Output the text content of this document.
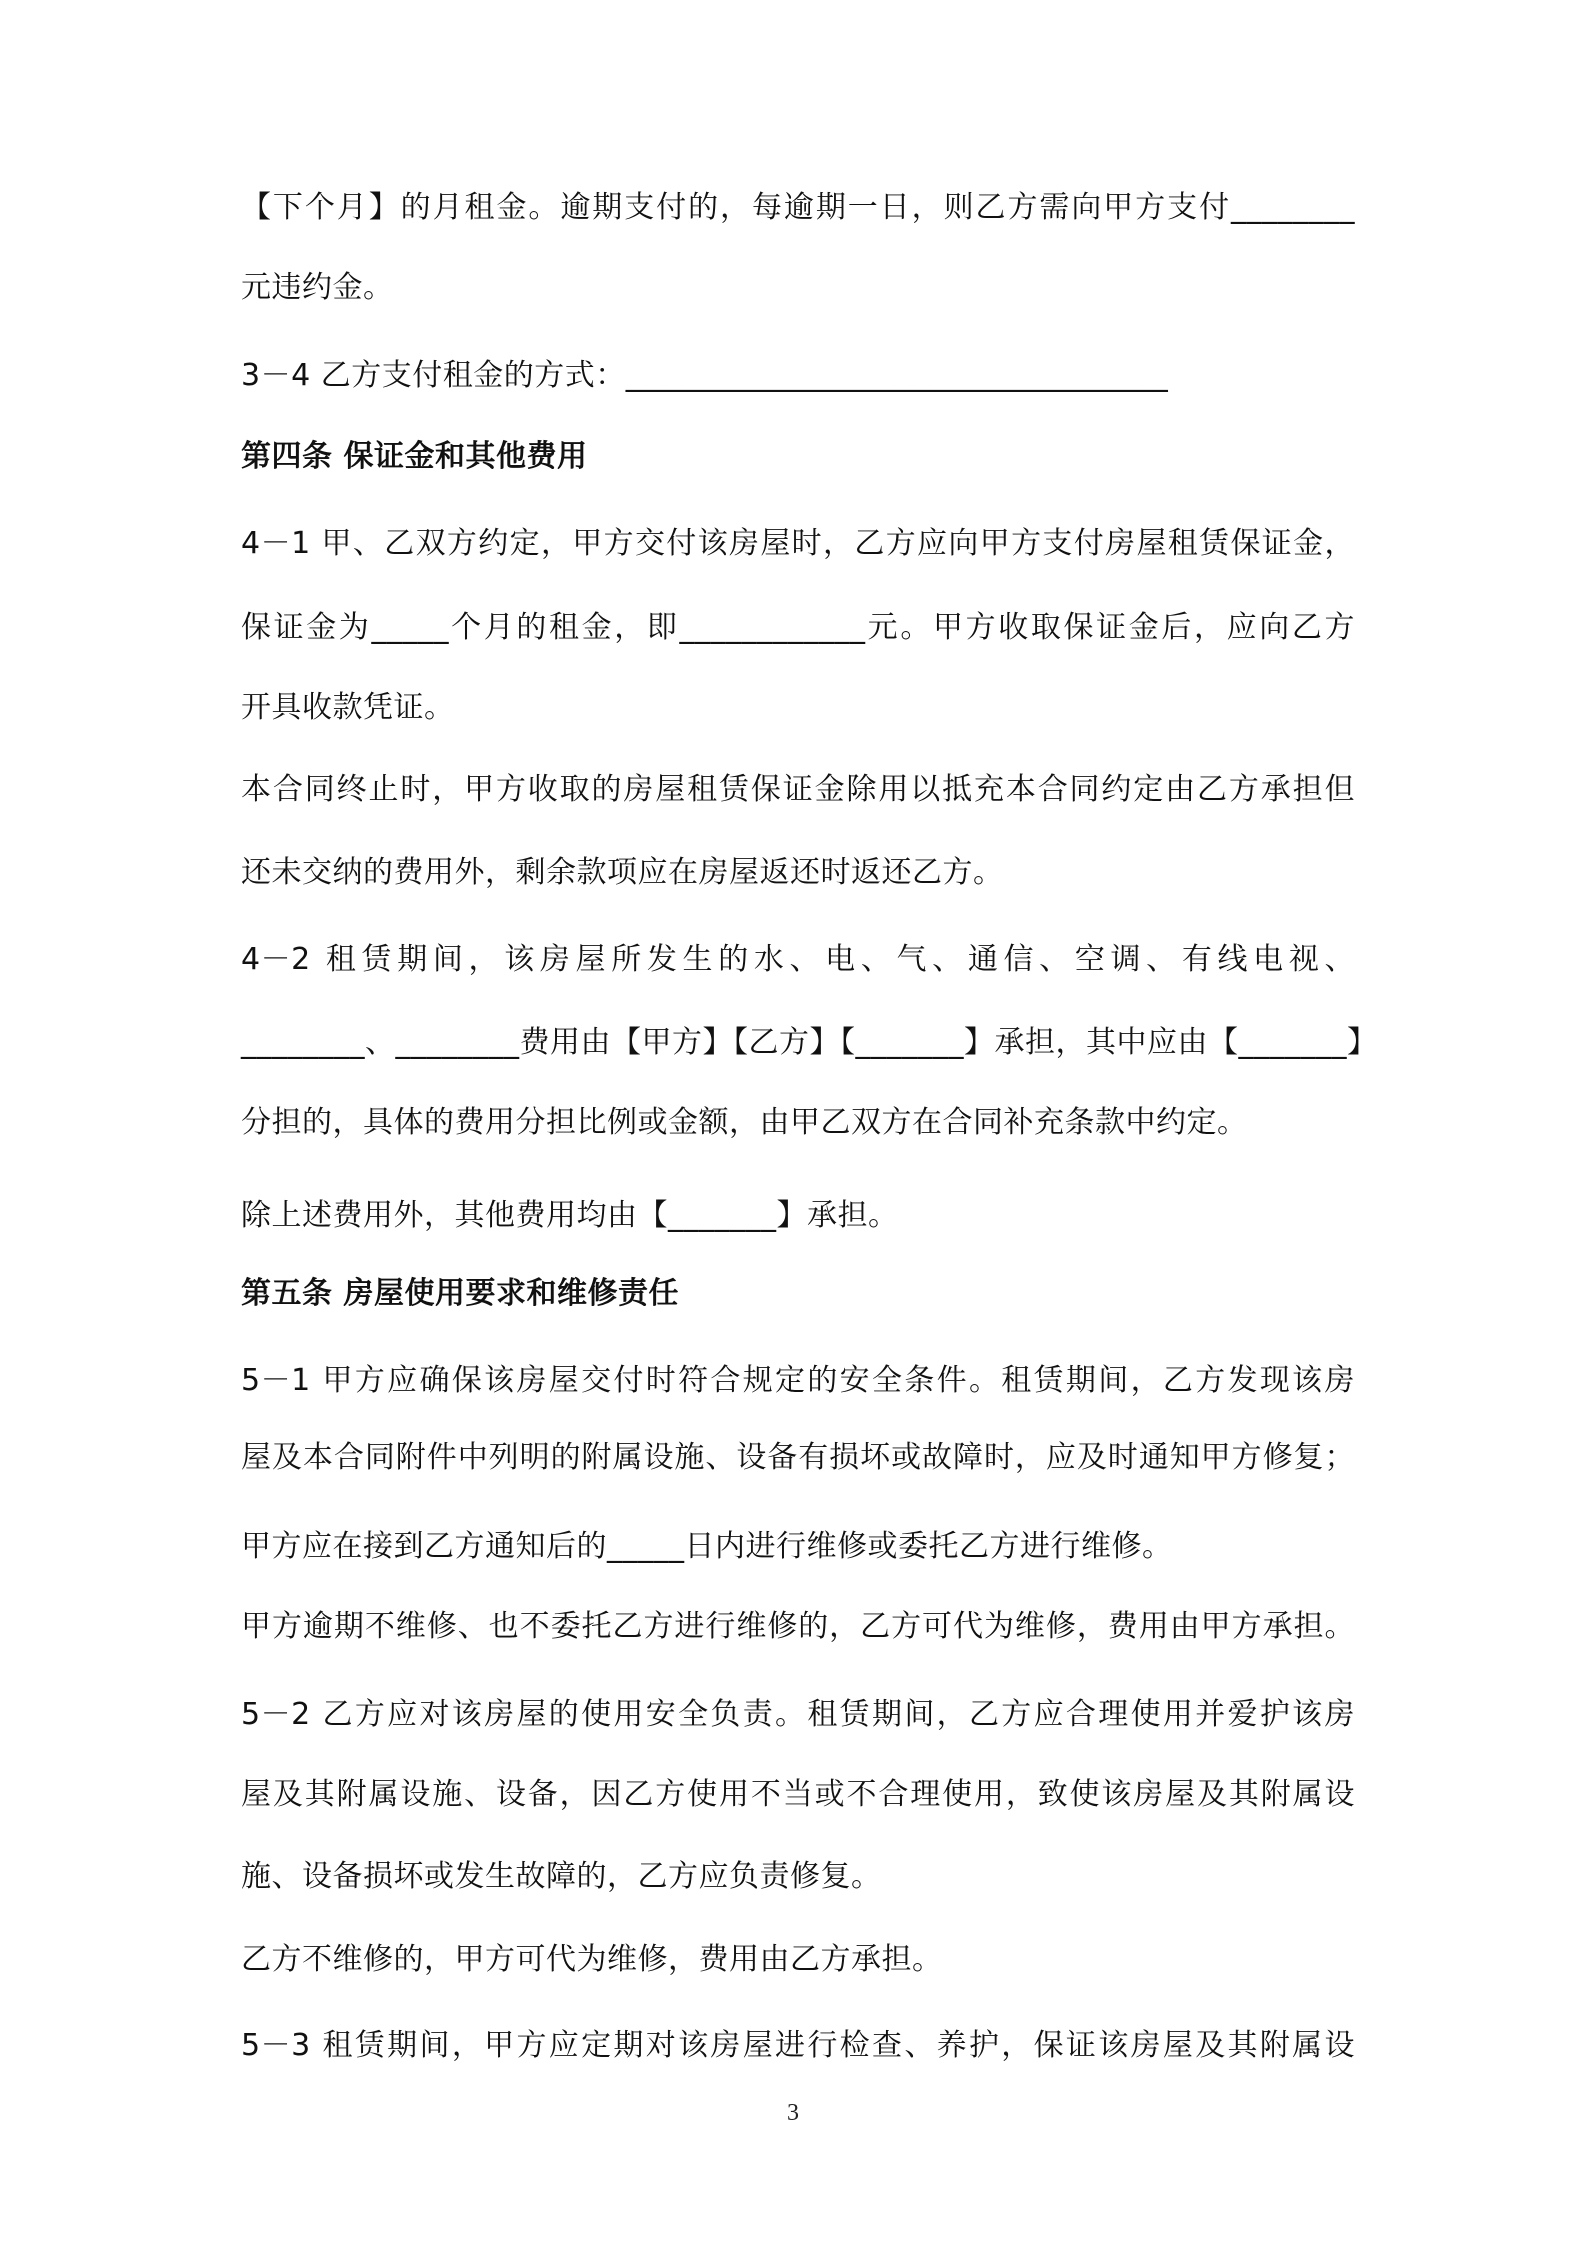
【下个月】的月租金。逾期支付的，每逾期一日，则乙方需向甲方支付________
元违约金。
3－4 乙方支付租金的方式：___________________________________
第四条 保证金和其他费用
4－1 甲、乙双方约定，甲方交付该房屋时，乙方应向甲方支付房屋租赁保证金，
保证金为_____个月的租金，即____________元。甲方收取保证金后，应向乙方
开具收款凭证。
本合同终止时，甲方收取的房屋租赁保证金除用以抵充本合同约定由乙方承担但
还未交纳的费用外，剩余款项应在房屋返还时返还乙方。
4－2 租赁期间，该房屋所发生的水、电、气、通信、空调、有线电视、
________、________费用由【甲方】【乙方】【_______】承担，其中应由【_______】
分担的，具体的费用分担比例或金额，由甲乙双方在合同补充条款中约定。
除上述费用外，其他费用均由【_______】承担。
第五条 房屋使用要求和维修责任
5－1 甲方应确保该房屋交付时符合规定的安全条件。租赁期间，乙方发现该房
屋及本合同附件中列明的附属设施、设备有损坏或故障时，应及时通知甲方修复；
甲方应在接到乙方通知后的_____日内进行维修或委托乙方进行维修。
甲方逾期不维修、也不委托乙方进行维修的，乙方可代为维修，费用由甲方承担。
5－2 乙方应对该房屋的使用安全负责。租赁期间，乙方应合理使用并爱护该房
屋及其附属设施、设备，因乙方使用不当或不合理使用，致使该房屋及其附属设
施、设备损坏或发生故障的，乙方应负责修复。
乙方不维修的，甲方可代为维修，费用由乙方承担。
5－3 租赁期间，甲方应定期对该房屋进行检查、养护，保证该房屋及其附属设
3
